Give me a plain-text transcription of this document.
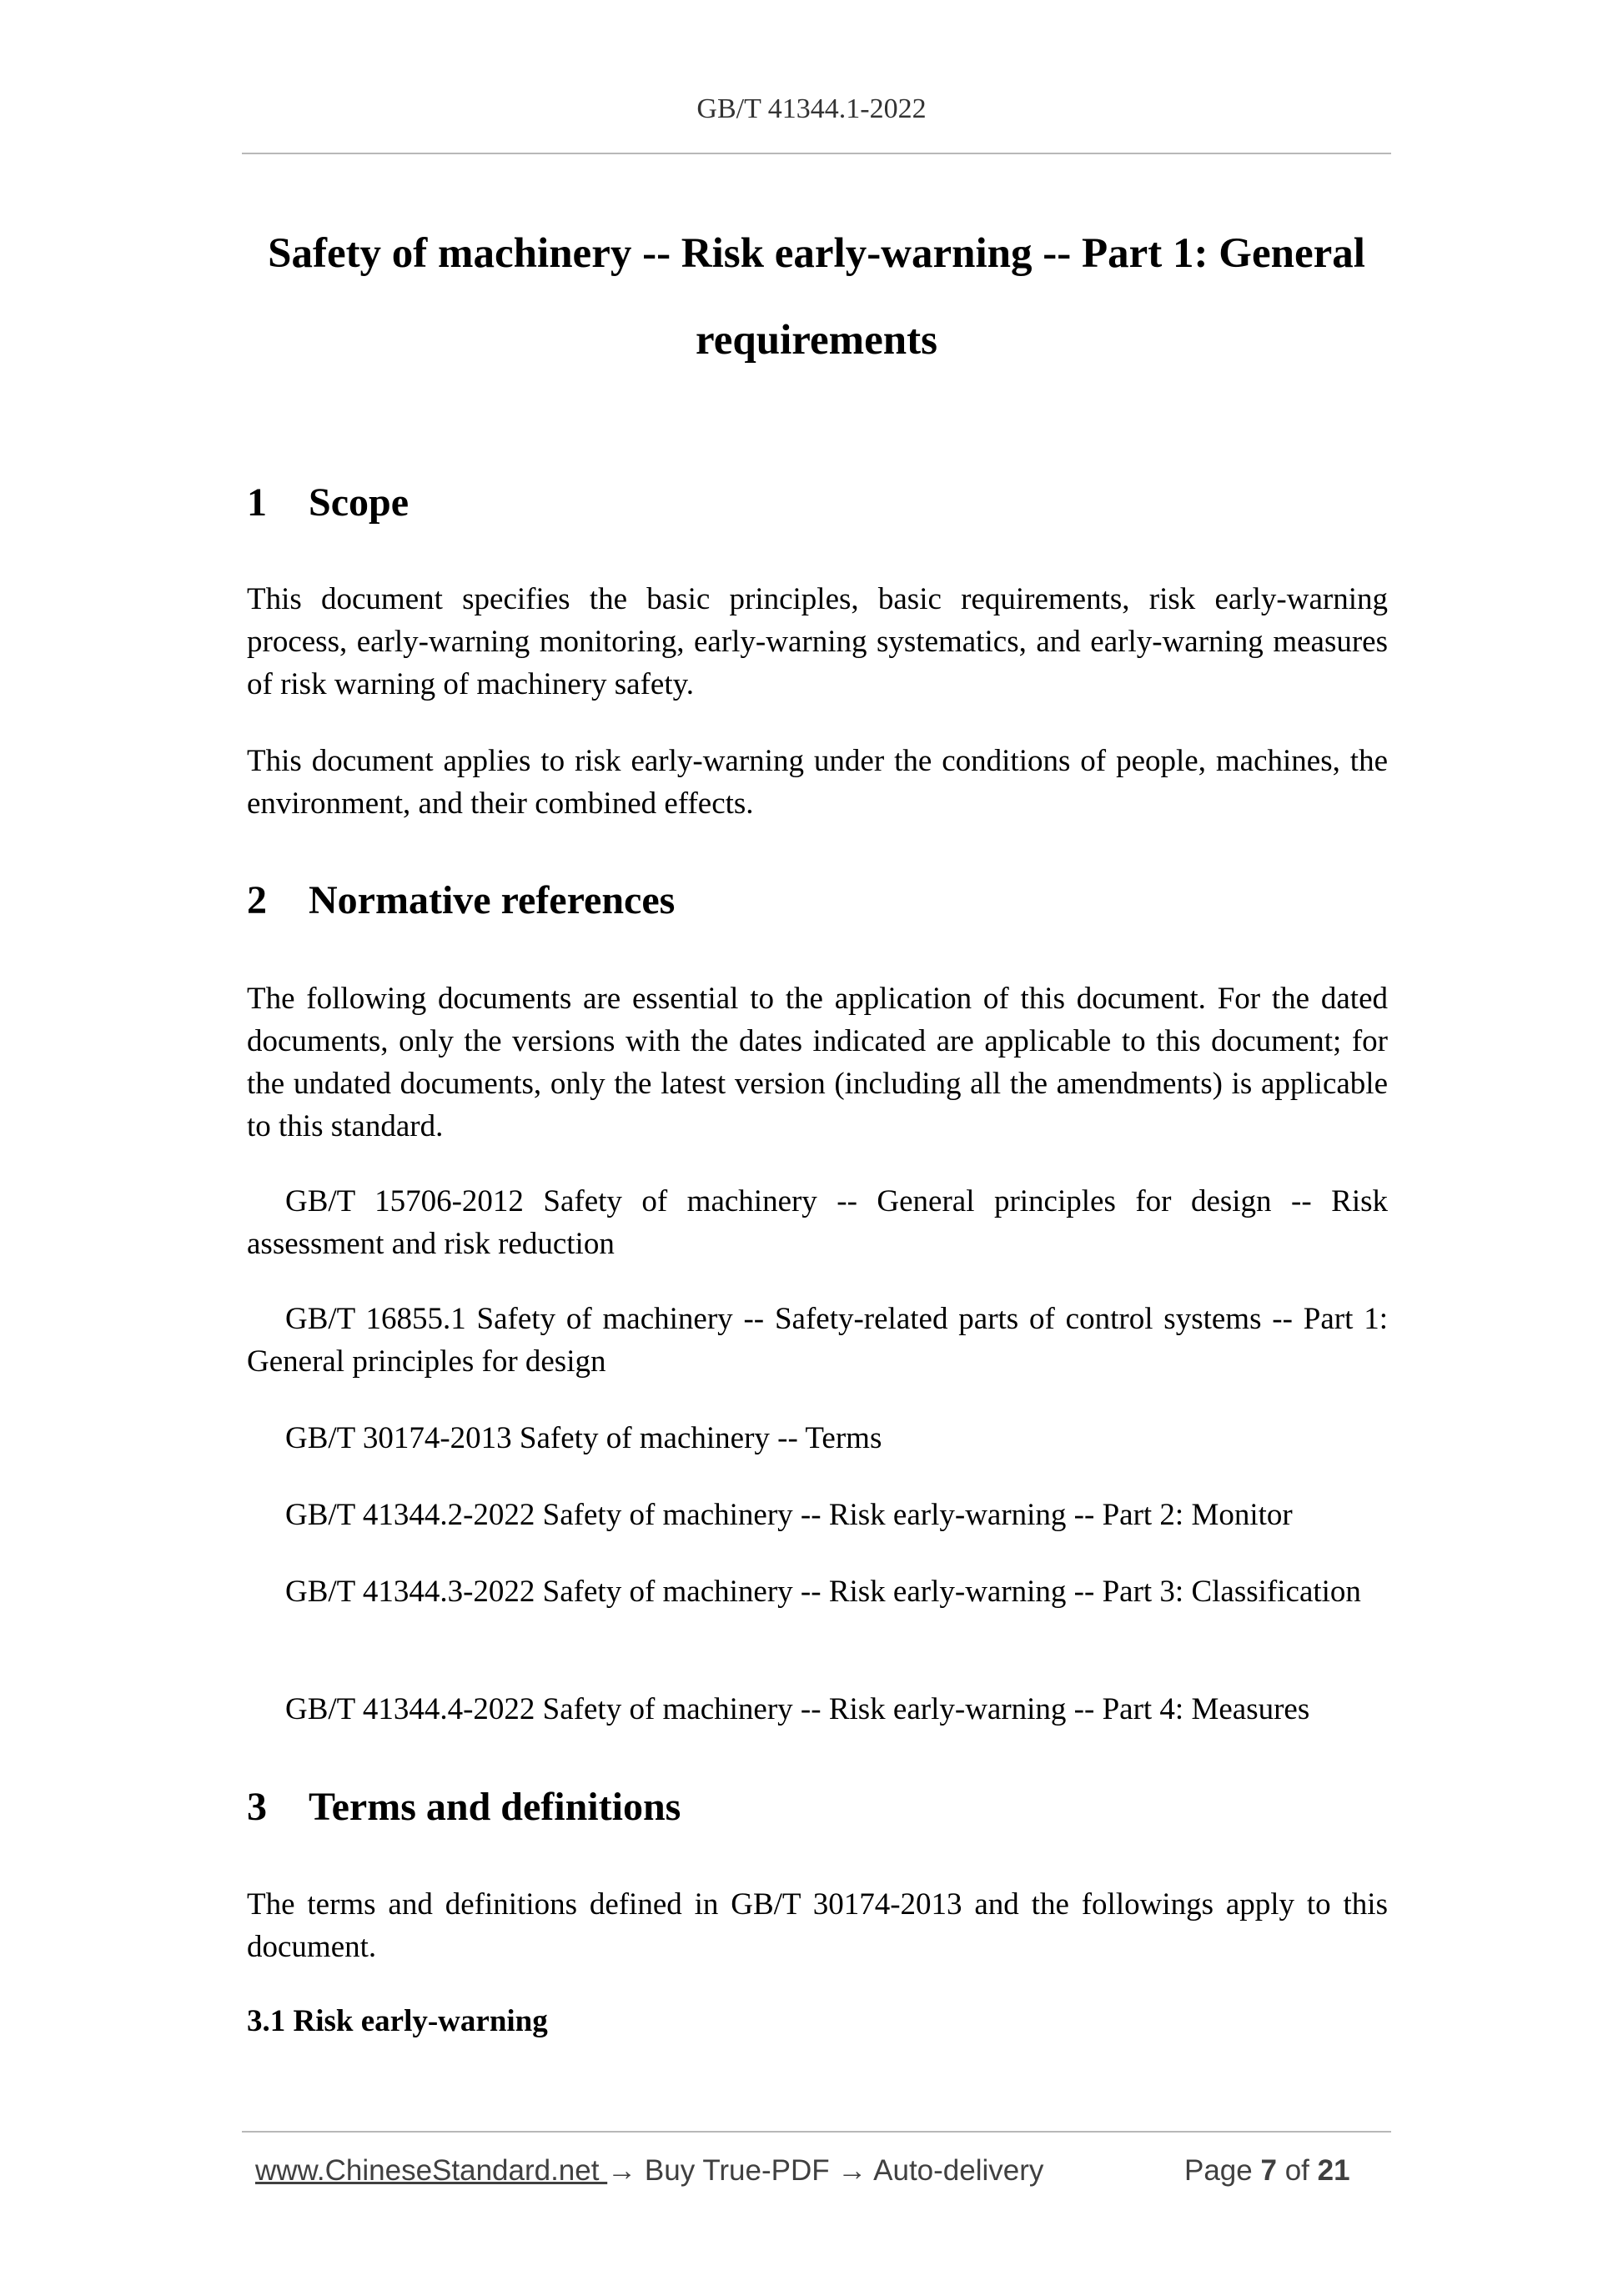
GB/T 41344.1-2022
Safety of machinery -- Risk early-warning -- Part 1: General requirements
1 Scope
This document specifies the basic principles, basic requirements, risk early-warning process, early-warning monitoring, early-warning systematics, and early-warning measures of risk warning of machinery safety.
This document applies to risk early-warning under the conditions of people, machines, the environment, and their combined effects.
2 Normative references
The following documents are essential to the application of this document. For the dated documents, only the versions with the dates indicated are applicable to this document; for the undated documents, only the latest version (including all the amendments) is applicable to this standard.
GB/T 15706-2012 Safety of machinery -- General principles for design -- Risk assessment and risk reduction
GB/T 16855.1 Safety of machinery -- Safety-related parts of control systems -- Part 1: General principles for design
GB/T 30174-2013 Safety of machinery -- Terms
GB/T 41344.2-2022 Safety of machinery -- Risk early-warning -- Part 2: Monitor
GB/T 41344.3-2022 Safety of machinery -- Risk early-warning -- Part 3: Classification
GB/T 41344.4-2022 Safety of machinery -- Risk early-warning -- Part 4: Measures
3 Terms and definitions
The terms and definitions defined in GB/T 30174-2013 and the followings apply to this document.
3.1 Risk early-warning
www.ChineseStandard.net → Buy True-PDF → Auto-delivery	Page 7 of 21
